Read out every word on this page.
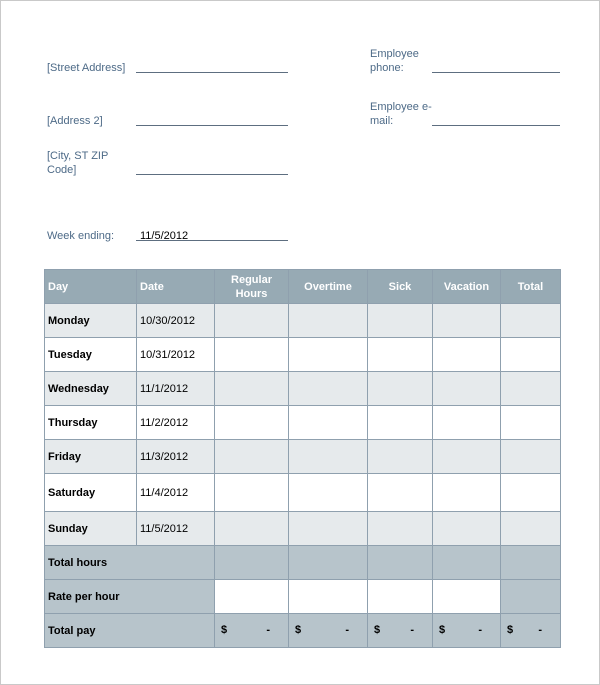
[Street Address]
[Address 2]
[City, ST ZIP Code]
Employee phone:
Employee e-mail:
Week ending: 11/5/2012
Day	Date	Regular Hours	Overtime	Sick	Vacation	Total
Monday	10/30/2012					
Tuesday	10/31/2012					
Wednesday	11/1/2012					
Thursday	11/2/2012					
Friday	11/3/2012					
Saturday	11/4/2012					
Sunday	11/5/2012					
Total hours						
Rate per hour						
Total pay		$ -	$ -	$ -	$ -	$ -
